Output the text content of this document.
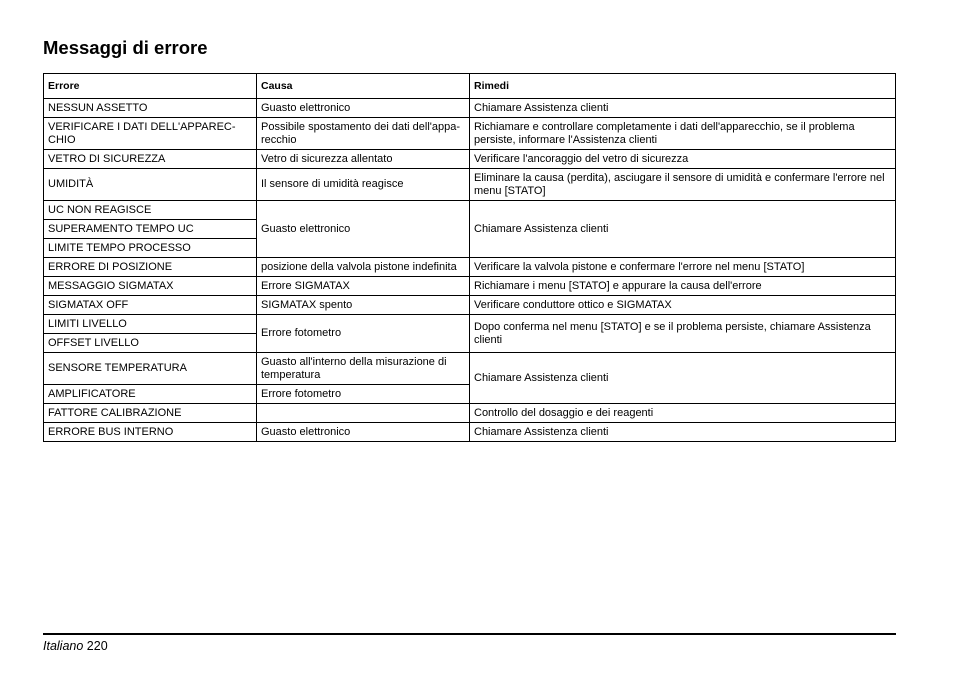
Messaggi di errore
Errore	Causa	Rimedi
NESSUN ASSETTO	Guasto elettronico	Chiamare Assistenza clienti
VERIFICARE I DATI DELL'APPAREC-CHIO	Possibile spostamento dei dati dell'appa-recchio	Richiamare e controllare completamente i dati dell'apparecchio, se il problema persiste, informare l'Assistenza clienti
VETRO DI SICUREZZA	Vetro di sicurezza allentato	Verificare l'ancoraggio del vetro di sicurezza
UMIDITÀ	Il sensore di umidità reagisce	Eliminare la causa (perdita), asciugare il sensore di umidità e confermare l'errore nel menu [STATO]
UC NON REAGISCE	Guasto elettronico	Chiamare Assistenza clienti
SUPERAMENTO TEMPO UC		
LIMITE TEMPO PROCESSO		
ERRORE DI POSIZIONE	posizione della valvola pistone indefinita	Verificare la valvola pistone e confermare l'errore nel menu [STATO]
MESSAGGIO SIGMATAX	Errore SIGMATAX	Richiamare i menu [STATO] e appurare la causa dell'errore
SIGMATAX OFF	SIGMATAX spento	Verificare conduttore ottico e SIGMATAX
LIMITI LIVELLO	Errore fotometro	Dopo conferma nel menu [STATO] e se il problema persiste, chiamare Assistenza clienti
OFFSET LIVELLO		
SENSORE TEMPERATURA	Guasto all'interno della misurazione di temperatura	Chiamare Assistenza clienti
AMPLIFICATORE	Errore fotometro	
FATTORE CALIBRAZIONE		Controllo del dosaggio e dei reagenti
ERRORE BUS INTERNO	Guasto elettronico	Chiamare Assistenza clienti
Italiano 220
